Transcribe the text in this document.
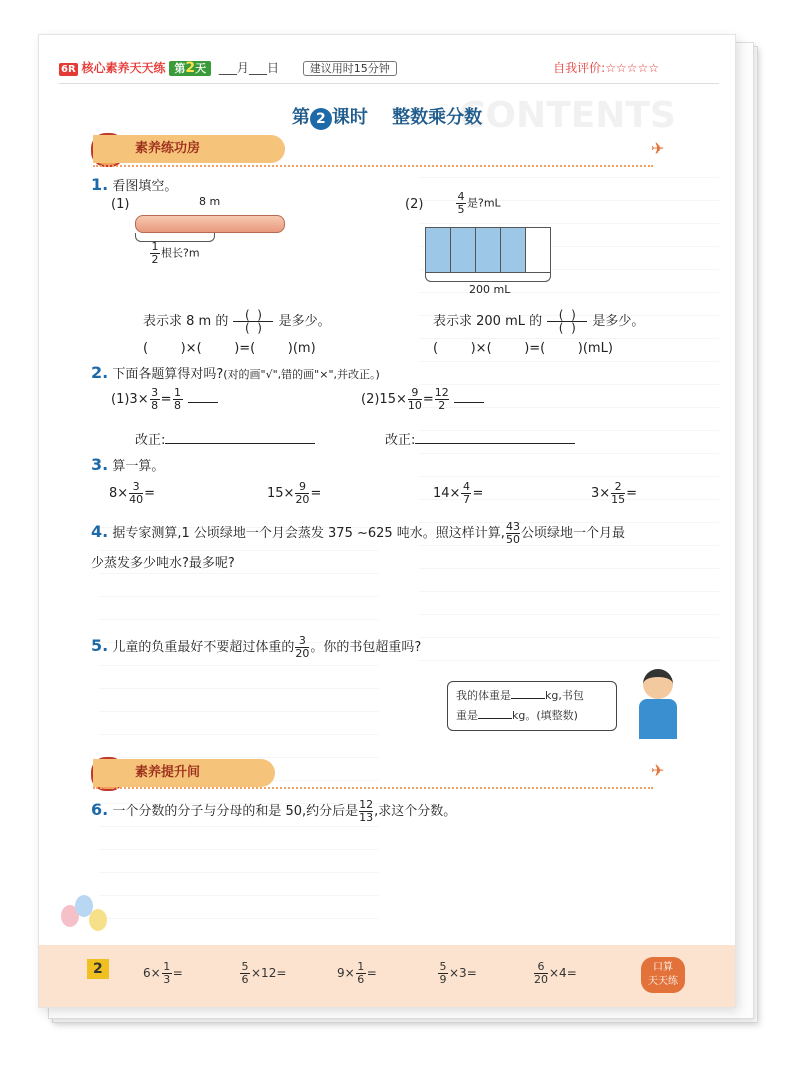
CONTENTS
6R 核心素养天天练 第2天 ___月___日	建议用时15分钟	自我评价:☆☆☆☆☆
第 2 课时 整数乘分数
素养练功房	✈
1. 看图填空。
(1)	8 m
$\frac{1}{2}$ 根长?m
表示求 8 m 的 $\frac{( )}{( )}$ 是多少。
(	)×(	)=(	)(m)
(2)	$\frac{4}{5}$ 是?mL
200 mL
表示求 200 mL 的 $\frac{( )}{( )}$ 是多少。
(	)×(	)=(	)(mL)
2. 下面各题算得对吗?(对的画"√",错的画"×",并改正。)
$(1)3\times \frac{3}{8} = \frac{1}{8}$
	$(2)15\times \frac{9}{10} = \frac{12}{2}$

改正:	改正:
3. 算一算。
$8\times \frac{3}{40}$ =	$15\times \frac{9}{20}$ =	$14\times \frac{4}{7}$ =	$3\times \frac{2}{15}$ =
4. 据专家测算,1 公顷绿地一个月会蒸发 375 ~625 吨水。照这样计算, $\frac{43}{50}$ 公顷绿地一个月最
少蒸发多少吨水?最多呢?
5. 儿童的负重最好不要超过体重的 $\frac{3}{20}$ 。你的书包超重吗?
我的体重是	kg,书包
重是	kg。(填整数)
素养提升间	✈
6. 一个分数的分子与分母的和是 50,约分后是 $\frac{12}{13}$ ,求这个分数。
2	$6\times \frac{1}{3}$ =	$\frac{5}{6} \times 12=$	$9\times \frac{1}{6}$ =	$\frac{5}{9} \times 3=$	$\frac{6}{20} \times 4=$	口算
天天练
